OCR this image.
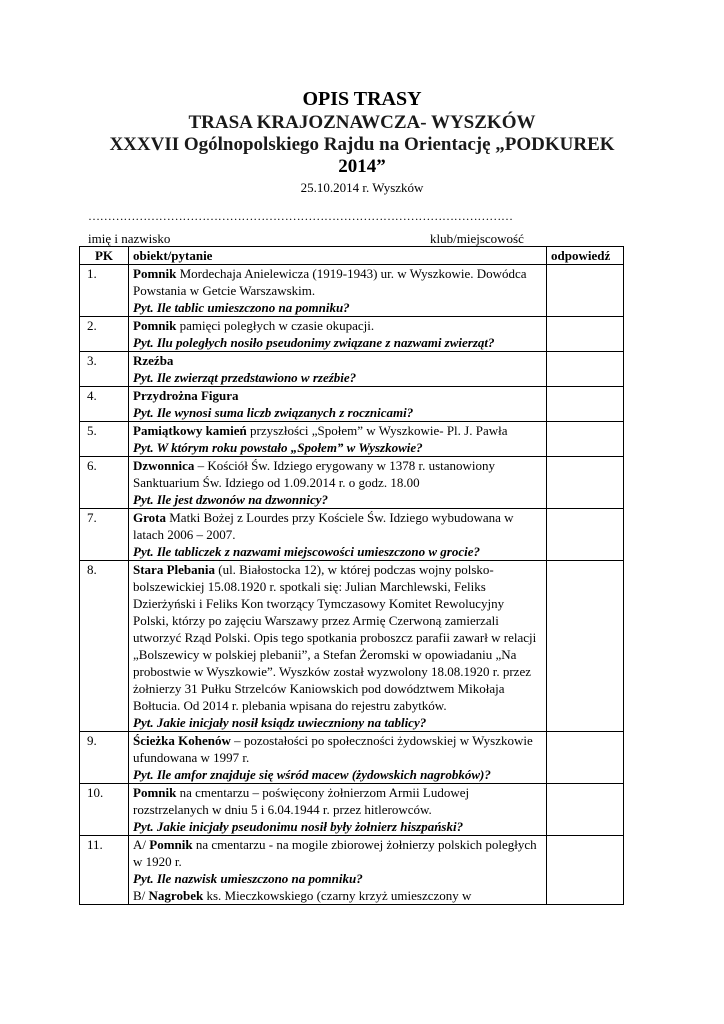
OPIS TRASY
TRASA KRAJOZNAWCZA- WYSZKÓW
XXXVII Ogólnopolskiego Rajdu na Orientację „PODKUREK
2014”
25.10.2014 r. Wyszków
………………………………………………………………………………………………
imię i nazwisko	klub/miejscowość
PK	obiekt/pytanie	odpowiedź
1.	Pomnik Mordechaja Anielewicza (1919-1943) ur. w Wyszkowie. Dowódca Powstania w Getcie Warszawskim.
Pyt. Ile tablic umieszczono na pomniku?	
2.	Pomnik pamięci poległych w czasie okupacji.
Pyt. Ilu poległych nosiło pseudonimy związane z nazwami zwierząt?	
3.	Rzeźba
Pyt. Ile zwierząt przedstawiono w rzeźbie?	
4.	Przydrożna Figura
Pyt. Ile wynosi suma liczb związanych z rocznicami?	
5.	Pamiątkowy kamień przyszłości „Społem” w Wyszkowie- Pl. J. Pawła
Pyt. W którym roku powstało „Społem” w Wyszkowie?	
6.	Dzwonnica – Kościół Św. Idziego erygowany w 1378 r. ustanowiony Sanktuarium Św. Idziego od 1.09.2014 r. o godz. 18.00
Pyt. Ile jest dzwonów na dzwonnicy?	
7.	Grota Matki Bożej z Lourdes przy Kościele Św. Idziego wybudowana w latach 2006 – 2007.
Pyt. Ile tabliczek z nazwami miejscowości umieszczono w grocie?	
8.	Stara Plebania (ul. Białostocka 12), w której podczas wojny polsko-bolszewickiej 15.08.1920 r. spotkali się: Julian Marchlewski, Feliks Dzierżyński i Feliks Kon tworzący Tymczasowy Komitet Rewolucyjny Polski, którzy po zajęciu Warszawy przez Armię Czerwoną zamierzali utworzyć Rząd Polski. Opis tego spotkania proboszcz parafii zawarł w relacji „Bolszewicy w polskiej plebanii”, a Stefan Żeromski w opowiadaniu „Na probostwie w Wyszkowie”. Wyszków został wyzwolony 18.08.1920 r. przez żołnierzy 31 Pułku Strzelców Kaniowskich pod dowództwem Mikołaja Bołtucia. Od 2014 r. plebania wpisana do rejestru zabytków.
Pyt. Jakie inicjały nosił ksiądz uwieczniony na tablicy?	
9.	Ścieżka Kohenów – pozostałości po społeczności żydowskiej w Wyszkowie ufundowana w 1997 r.
Pyt. Ile amfor znajduje się wśród macew (żydowskich nagrobków)?	
10.	Pomnik na cmentarzu – poświęcony żołnierzom Armii Ludowej rozstrzelanych w dniu 5 i 6.04.1944 r. przez hitlerowców.
Pyt. Jakie inicjały pseudonimu nosił były żołnierz hiszpański?	
11.	A/ Pomnik na cmentarzu - na mogile zbiorowej żołnierzy polskich poległych w 1920 r.
Pyt. Ile nazwisk umieszczono na pomniku?
B/ Nagrobek ks. Mieczkowskiego (czarny krzyż umieszczony w	
